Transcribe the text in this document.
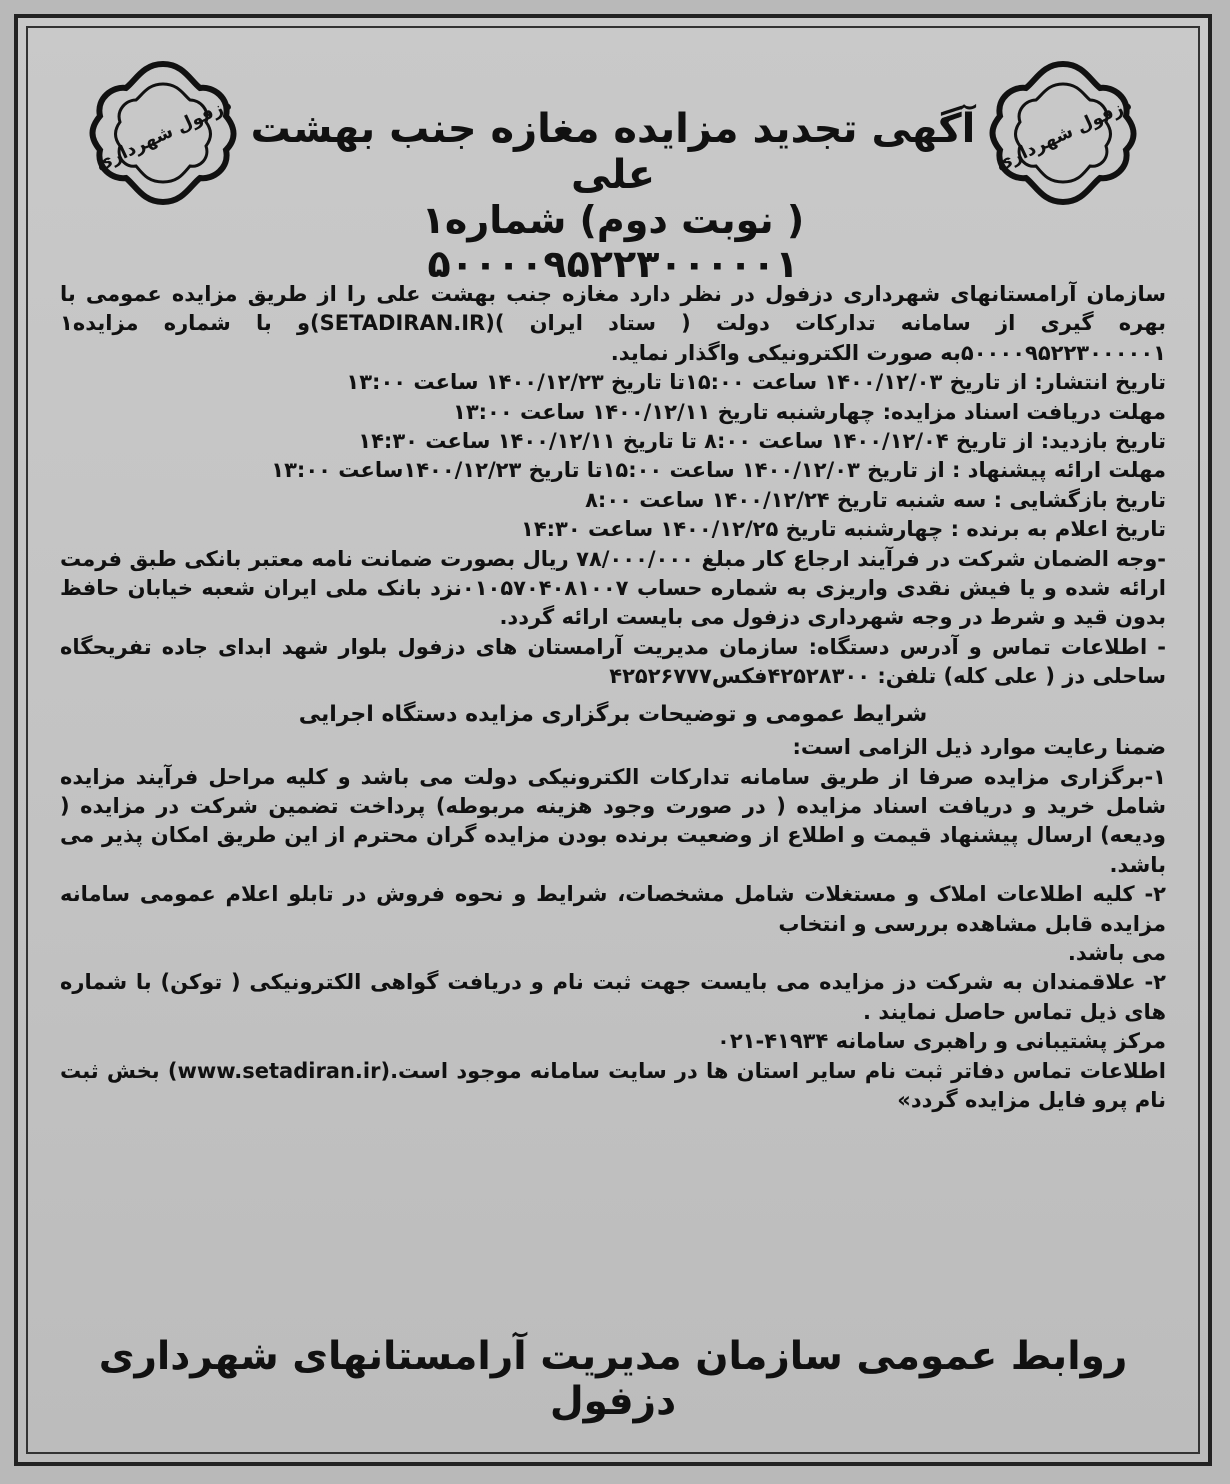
دزفول شهرداری	دزفول شهرداری
آگهی تجدید مزایده مغازه جنب بهشت علی
( نوبت دوم) شماره۱ ۵۰۰۰۰۹۵۲۲۳۰۰۰۰۰۱

سازمان آرامستانهای شهرداری دزفول در نظر دارد مغازه جنب بهشت علی را از طریق مزایده عمومی با بهره گیری از سامانه تدارکات دولت ( ستاد ایران )(SETADIRAN.IR)و با شماره مزایده۱ ۵۰۰۰۰۹۵۲۲۳۰۰۰۰۰۱به صورت الکترونیکی واگذار نماید.

تاریخ انتشار: از تاریخ ۱۴۰۰/۱۲/۰۳ ساعت ۱۵:۰۰تا تاریخ ۱۴۰۰/۱۲/۲۳ ساعت ۱۳:۰۰

مهلت دریافت اسناد مزایده: چهارشنبه تاریخ ۱۴۰۰/۱۲/۱۱ ساعت ۱۳:۰۰

تاریخ بازدید: از تاریخ ۱۴۰۰/۱۲/۰۴ ساعت ۸:۰۰ تا تاریخ ۱۴۰۰/۱۲/۱۱ ساعت ۱۴:۳۰

مهلت ارائه پیشنهاد : از تاریخ ۱۴۰۰/۱۲/۰۳ ساعت ۱۵:۰۰تا تاریخ ۱۴۰۰/۱۲/۲۳ساعت ۱۳:۰۰

تاریخ بازگشایی : سه شنبه تاریخ ۱۴۰۰/۱۲/۲۴ ساعت ۸:۰۰

تاریخ اعلام به برنده : چهارشنبه تاریخ ۱۴۰۰/۱۲/۲۵ ساعت ۱۴:۳۰

-وجه الضمان شرکت در فرآیند ارجاع کار مبلغ ۷۸/۰۰۰/۰۰۰ ریال بصورت ضمانت نامه معتبر بانکی طبق فرمت ارائه شده و یا فیش نقدی واریزی به شماره حساب ۰۱۰۵۷۰۴۰۸۱۰۰۷نزد بانک ملی ایران شعبه خیابان حافظ بدون قید و شرط در وجه شهرداری دزفول می بایست ارائه گردد.

- اطلاعات تماس و آدرس دستگاه: سازمان مدیریت آرامستان های دزفول بلوار شهد ابدای جاده تفریحگاه ساحلی دز ( علی کله) تلفن: ۴۲۵۲۸۳۰۰فکس۴۲۵۲۶۷۷۷

شرایط عمومی و توضیحات برگزاری مزایده دستگاه اجرایی

ضمنا رعایت موارد ذیل الزامی است:

۱-برگزاری مزایده صرفا از طریق سامانه تدارکات الکترونیکی دولت می باشد و کلیه مراحل فرآیند مزایده شامل خرید و دریافت اسناد مزایده ( در صورت وجود هزینه مربوطه) پرداخت تضمین شرکت در مزایده ( ودیعه) ارسال پیشنهاد قیمت و اطلاع از وضعیت برنده بودن مزایده گران محترم از این طریق امکان پذیر می باشد.

۲- کلیه اطلاعات املاک و مستغلات شامل مشخصات، شرایط و نحوه فروش در تابلو اعلام عمومی سامانه مزایده قابل مشاهده بررسی و انتخاب

می باشد.

۲- علاقمندان به شرکت دز مزایده می بایست جهت ثبت نام و دریافت گواهی الکترونیکی ( توکن) با شماره های ذیل تماس حاصل نمایند .

مرکز پشتیبانی و راهبری سامانه ۴۱۹۳۴-۰۲۱

اطلاعات تماس دفاتر ثبت نام سایر استان ها در سایت سامانه موجود است.(www.setadiran.ir) بخش ثبت نام پرو فایل مزایده گردد»

روابط عمومی سازمان مدیریت آرامستانهای شهرداری دزفول
